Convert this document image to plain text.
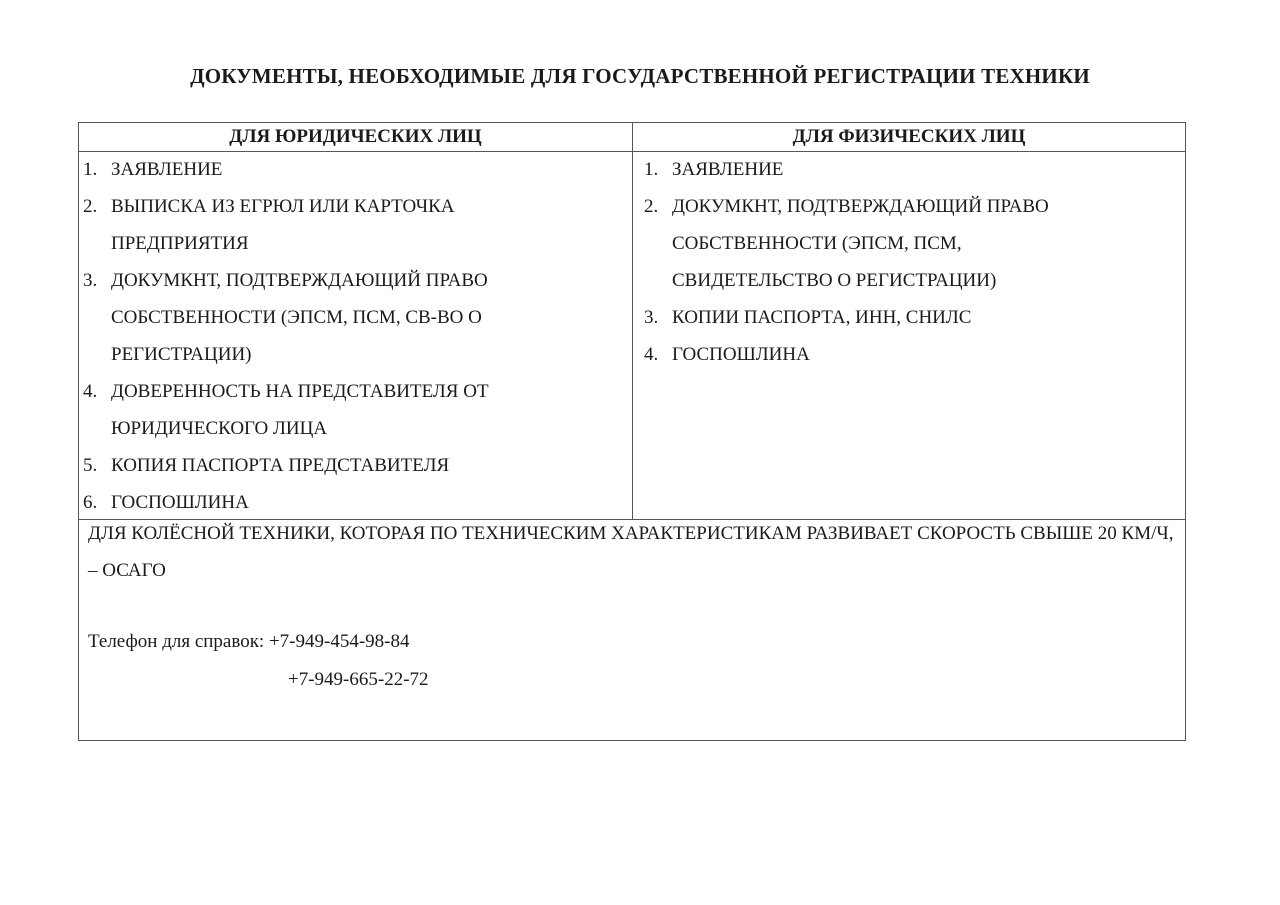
ДОКУМЕНТЫ, НЕОБХОДИМЫЕ ДЛЯ ГОСУДАРСТВЕННОЙ РЕГИСТРАЦИИ ТЕХНИКИ
ДЛЯ ЮРИДИЧЕСКИХ ЛИЦ	ДЛЯ ФИЗИЧЕСКИХ ЛИЦ
1. ЗАЯВЛЕНИЕ
2. ВЫПИСКА ИЗ ЕГРЮЛ ИЛИ КАРТОЧКА ПРЕДПРИЯТИЯ
3. ДОКУМКНТ, ПОДТВЕРЖДАЮЩИЙ ПРАВО СОБСТВЕННОСТИ (ЭПСМ, ПСМ, СВ-ВО О РЕГИСТРАЦИИ)
4. ДОВЕРЕННОСТЬ НА ПРЕДСТАВИТЕЛЯ ОТ ЮРИДИЧЕСКОГО ЛИЦА
5. КОПИЯ ПАСПОРТА ПРЕДСТАВИТЕЛЯ
6. ГОСПОШЛИНА
1. ЗАЯВЛЕНИЕ
2. ДОКУМКНТ, ПОДТВЕРЖДАЮЩИЙ ПРАВО СОБСТВЕННОСТИ (ЭПСМ, ПСМ, СВИДЕТЕЛЬСТВО О РЕГИСТРАЦИИ)
3. КОПИИ ПАСПОРТА, ИНН, СНИЛС
4. ГОСПОШЛИНА
ДЛЯ КОЛЁСНОЙ ТЕХНИКИ, КОТОРАЯ ПО ТЕХНИЧЕСКИМ ХАРАКТЕРИСТИКАМ РАЗВИВАЕТ СКОРОСТЬ СВЫШЕ 20 КМ/Ч, – ОСАГО
Телефон для справок: +7-949-454-98-84
+7-949-665-22-72
